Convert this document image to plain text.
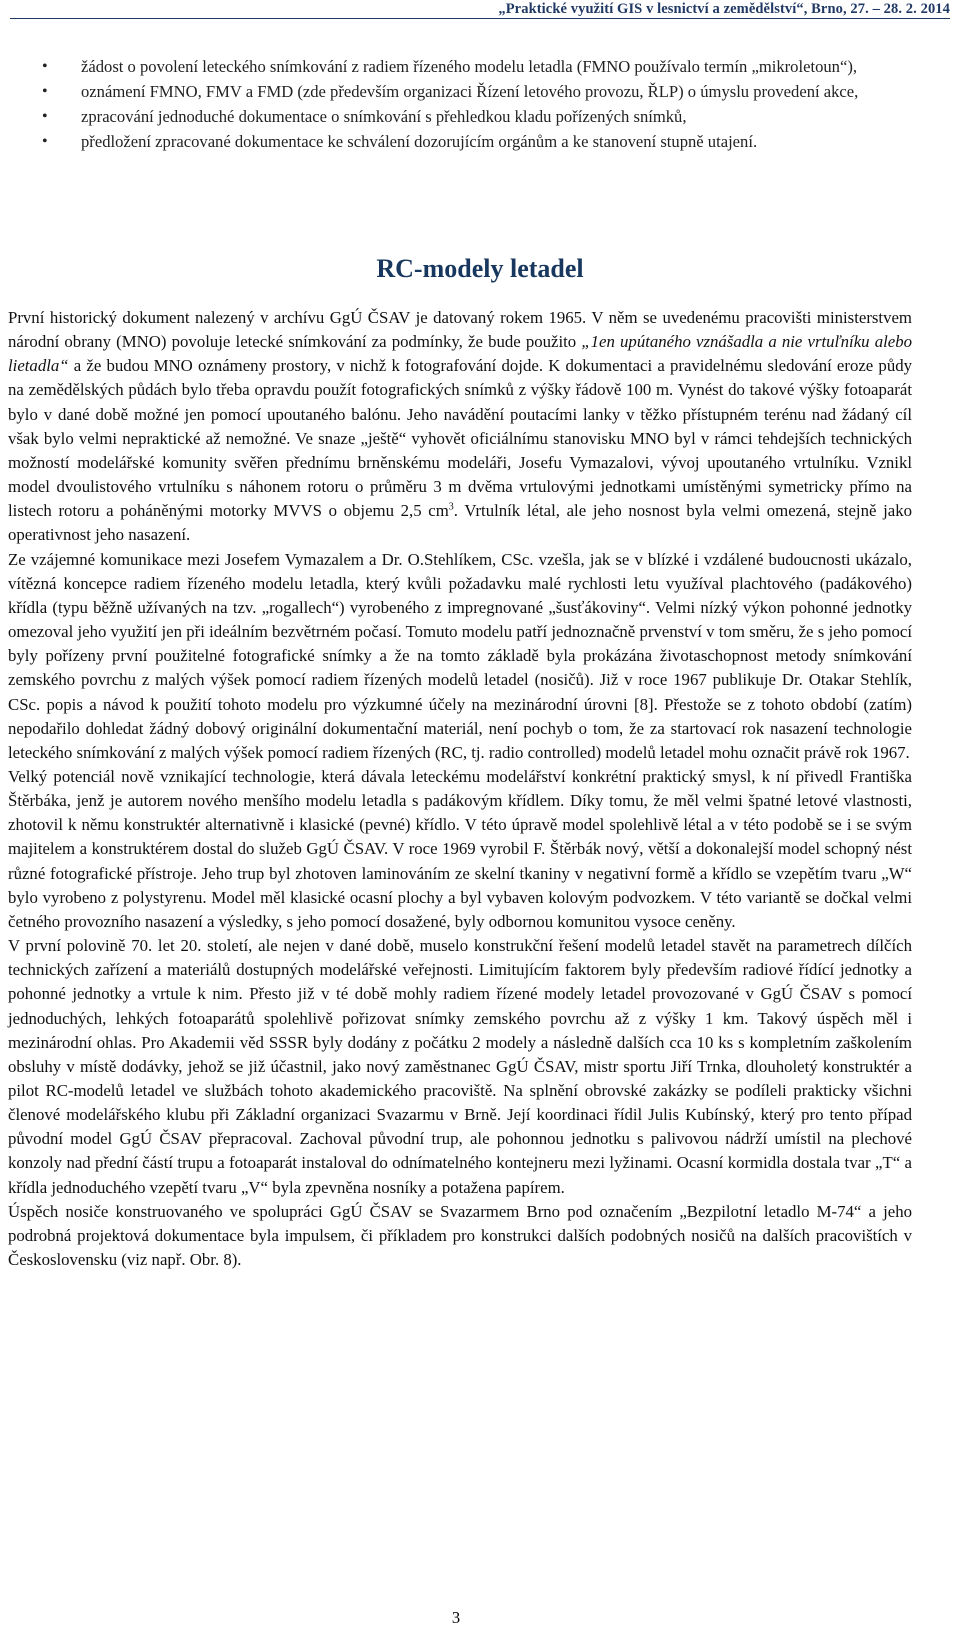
„Praktické využití GIS v lesnictví a zemědělství“, Brno, 27. – 28. 2. 2014
• žádost o povolení leteckého snímkování z radiem řízeného modelu letadla (FMNO používalo termín „mikroletoun“),
• oznámení FMNO, FMV a FMD (zde především organizaci Řízení letového provozu, ŘLP) o úmyslu provedení akce,
• zpracování jednoduché dokumentace o snímkování s přehledkou kladu pořízených snímků,
• předložení zpracované dokumentace ke schválení dozorujícím orgánům a ke stanovení stupně utajení.
RC-modely letadel

První historický dokument nalezený v archívu GgÚ ČSAV je datovaný rokem 1965. V něm se uvedenému pracovišti ministerstvem národní obrany (MNO) povoluje letecké snímkování za podmínky, že bude použito „1en upútaného vznášadla a nie vrtuľníku alebo lietadla“ a že budou MNO oznámeny prostory, v nichž k fotografování dojde. K dokumentaci a pravidelnému sledování eroze půdy na zemědělských půdách bylo třeba opravdu použít fotografických snímků z výšky řádově 100 m. Vynést do takové výšky fotoaparát bylo v dané době možné jen pomocí upoutaného balónu. Jeho navádění poutacími lanky v těžko přístupném terénu nad žádaný cíl však bylo velmi nepraktické až nemožné. Ve snaze „ještě“ vyhovět oficiálnímu stanovisku MNO byl v rámci tehdejších technických možností modelářské komunity svěřen přednímu brněnskému modeláři, Josefu Vymazalovi, vývoj upoutaného vrtulníku. Vznikl model dvoulistového vrtulníku s náhonem rotoru o průměru 3 m dvěma vrtulovými jednotkami umístěnými symetricky přímo na listech rotoru a poháněnými motorky MVVS o objemu 2,5 $cm^3$. Vrtulník létal, ale jeho nosnost byla velmi omezená, stejně jako operativnost jeho nasazení.

Ze vzájemné komunikace mezi Josefem Vymazalem a Dr. O.Stehlíkem, CSc. vzešla, jak se v blízké i vzdálené budoucnosti ukázalo, vítězná koncepce radiem řízeného modelu letadla, který kvůli požadavku malé rychlosti letu využíval plachtového (padákového) křídla (typu běžně užívaných na tzv. „rogallech“) vyrobeného z impregnované „šusťákoviny“. Velmi nízký výkon pohonné jednotky omezoval jeho využití jen při ideálním bezvětrném počasí. Tomuto modelu patří jednoznačně prvenství v tom směru, že s jeho pomocí byly pořízeny první použitelné fotografické snímky a že na tomto základě byla prokázána životaschopnost metody snímkování zemského povrchu z malých výšek pomocí radiem řízených modelů letadel (nosičů). Již v roce 1967 publikuje Dr. Otakar Stehlík, CSc. popis a návod k použití tohoto modelu pro výzkumné účely na mezinárodní úrovni [8]. Přestože se z tohoto období (zatím) nepodařilo dohledat žádný dobový originální dokumentační materiál, není pochyb o tom, že za startovací rok nasazení technologie leteckého snímkování z malých výšek pomocí radiem řízených (RC, tj. radio controlled) modelů letadel mohu označit právě rok 1967.

Velký potenciál nově vznikající technologie, která dávala leteckému modelářství konkrétní praktický smysl, k ní přivedl Františka Štěrbáka, jenž je autorem nového menšího modelu letadla s padákovým křídlem. Díky tomu, že měl velmi špatné letové vlastnosti, zhotovil k němu konstruktér alternativně i klasické (pevné) křídlo. V této úpravě model spolehlivě létal a v této podobě se i se svým majitelem a konstruktérem dostal do služeb GgÚ ČSAV. V roce 1969 vyrobil F. Štěrbák nový, větší a dokonalejší model schopný nést různé fotografické přístroje. Jeho trup byl zhotoven laminováním ze skelní tkaniny v negativní formě a křídlo se vzepětím tvaru „W“ bylo vyrobeno z polystyrenu. Model měl klasické ocasní plochy a byl vybaven kolovým podvozkem. V této variantě se dočkal velmi četného provozního nasazení a výsledky, s jeho pomocí dosažené, byly odbornou komunitou vysoce ceněny.

V první polovině 70. let 20. století, ale nejen v dané době, muselo konstrukční řešení modelů letadel stavět na parametrech dílčích technických zařízení a materiálů dostupných modelářské veřejnosti. Limitujícím faktorem byly především radiové řídící jednotky a pohonné jednotky a vrtule k nim. Přesto již v té době mohly radiem řízené modely letadel provozované v GgÚ ČSAV s pomocí jednoduchých, lehkých fotoaparátů spolehlivě pořizovat snímky zemského povrchu až z výšky 1 km. Takový úspěch měl i mezinárodní ohlas. Pro Akademii věd SSSR byly dodány z počátku 2 modely a následně dalších cca 10 ks s kompletním zaškolením obsluhy v místě dodávky, jehož se již účastnil, jako nový zaměstnanec GgÚ ČSAV, mistr sportu Jiří Trnka, dlouholetý konstruktér a pilot RC-modelů letadel ve službách tohoto akademického pracoviště. Na splnění obrovské zakázky se podíleli prakticky všichni členové modelářského klubu při Základní organizaci Svazarmu v Brně. Její koordinaci řídil Julis Kubínský, který pro tento případ původní model GgÚ ČSAV přepracoval. Zachoval původní trup, ale pohonnou jednotku s palivovou nádrží umístil na plechové konzoly nad přední částí trupu a fotoaparát instaloval do odnímatelného kontejneru mezi lyžinami. Ocasní kormidla dostala tvar „T“ a křídla jednoduchého vzepětí tvaru „V“ byla zpevněna nosníky a potažena papírem.

Úspěch nosiče konstruovaného ve spolupráci GgÚ ČSAV se Svazarmem Brno pod označením „Bezpilotní letadlo M-74“ a jeho podrobná projektová dokumentace byla impulsem, či příkladem pro konstrukci dalších podobných nosičů na dalších pracovištích v Československu (viz např. Obr. 8).

3
